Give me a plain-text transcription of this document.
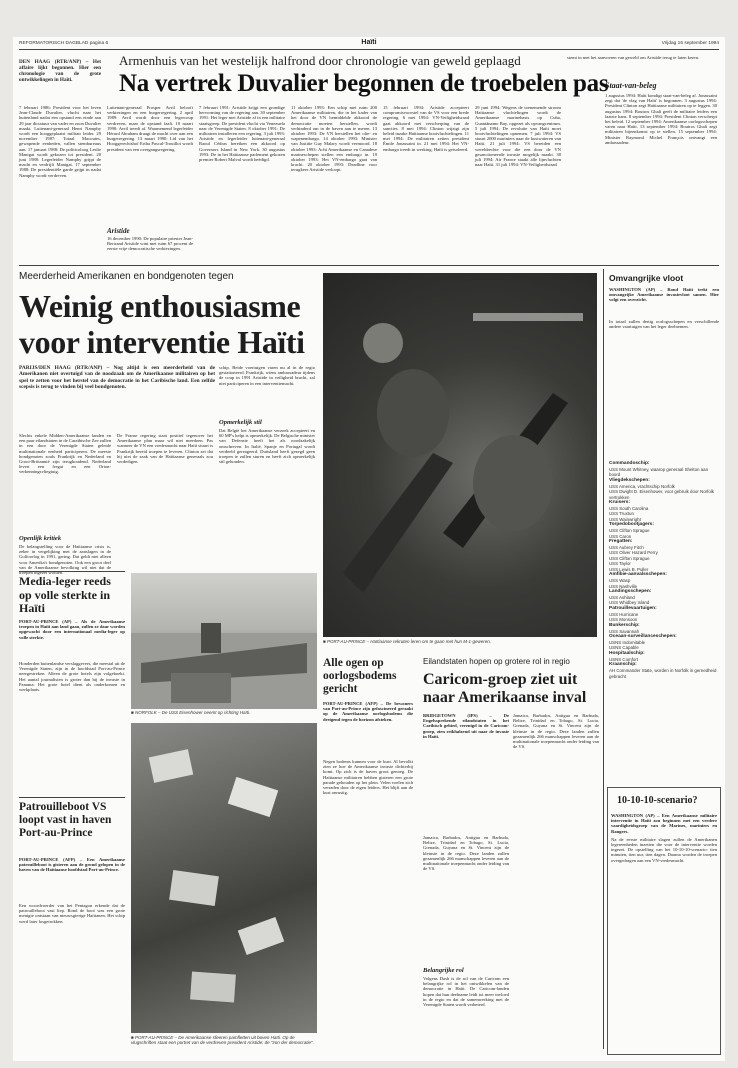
REFORMATORISCH DAGBLAD pagina 6	Haïti	Vrijdag 16 september 1994
DEN HAAG (RTR/ANP) – Het affaire lijkt begonnen. Hier een chronologie van de grote ontwikkelingen in Haïti.
7 februari 1986: President voor het leven Jean-Claude Duvalier, vlucht naar het buitenland nadat een opstand een einde aan 29 jaar dictatuur van vader en zoon Duvalier maakt. Luitenant-generaal Henri Namphy wordt een hooggeplaatst militair leider. 29 november 1987: Totaal Macoutes, gewapende eenheden, vallen stembureaus aan. 17 januari 1988: De politicoloog Leslie Manigat wordt gekozen tot president. 20 juni 1988: Legerleider Namphy grijpt de macht en verdrijft Manigat. 17 september 1988: De presidentiële garde grijpt in nadat Namphy wordt verdreven.
Armenhuis van het westelijk halfrond door chronologie van geweld geplaagd
Na vertrek Duvalier begonnen de troebelen pas
Luitenant-generaal Prosper Avril belooft verkiezingen en een burgerregering. 2 april 1989: Avril wordt door een legercoup verdreven, maar de opstand faalt. 10 maart 1990: Avril treedt af. Waarnemend legerleider Hérard Abraham draagt de macht over aan een burgerregering. 13 maart 1990: Lid van het Hooggerechtshof Ertha Pascal-Trouillot wordt president van een overgangsregering.
Aristide
16 december 1990: De populaire priester Jean-Bertrand Aristide wint met ruim 67 procent de eerste vrije democratische verkiezingen.
7 februari 1991: Aristide krijgt een grondige hervorming van de regering aan. 30 september 1991: Het leger met Aristide af in een militaire staatsgreep. De president vlucht via Venezuela naar de Verenigde Staten. 8 oktober 1991: De militairen installeren een regering. 3 juli 1993: Aristide en legerleider luitenant-generaal Raoul Cédras bereiken een akkoord op Governors Island in New York. 30 augustus 1993: De in het Haïtiaanse parlement gekozen premier Robert Malval wordt beëdigd.
11 oktober 1993: Een schip met ruim 200 Amerikaanse militairen, die in het kader van het door de VN bemiddelde akkoord de democratie moeten herstellen, wordt verhinderd om in de haven aan te meren. 13 oktober 1993: De VN herstellen het olie- en wapenembargo. 14 oktober 1993: Minister van Justitie Guy Malary wordt vermoord. 18 oktober 1993: Acht Amerikaanse en Canadese marineschepen stellen een embargo in. 19 oktober 1993: Het VN-embargo gaat van kracht. 20 oktober 1993: Deadline voor terugkeer Aristide verloopt.
15 februari 1994: Aristide accepteert compromisvoorstel van de VS voor een brede regering. 6 mei 1994: VN-Veiligheidsraad gaat akkoord met verscherping van de sancties. 8 mei 1994: Clinton wijzigt zijn beleid inzake Haïtiaanse bootvluchtelingen. 11 mei 1994: De militairen zetten president Émile Jonassaint in. 21 mei 1994: Het VN-embargo treedt in werking, Haïti is geïsoleerd.
29 juni 1994: Wegens de toenemende stroom Haïtiaanse vluchtelingen wordt de Amerikaanse marinebasis op Cuba, Guantánamo Bay, opgezet als opvangcentrum. 5 juli 1994: De revolutie van Haïti moet bootvluchtelingen opnemen. 7 juli 1994: VS stuurt 2000 mariniers naar de kustwateren van Haïti. 21 juli 1994: VS bereiden een wereldrechte voor die een door de VN gesanctioneerde invasie mogelijk maakt. 30 juli 1994: Air France staakt alle lijnvluchten naar Haïti. 31 juli 1994: VN-Veiligheidsraad
stemt in met het aanvoeren van geweld om Aristide terug te laten keren.
Staat-van-beleg
1 augustus 1994: Haïti kondigt staat-van-beleg af. Jonassaint zegt dat 'de vlag van Haïti' is begonnen. 3 augustus 1994: President Clinton zegt Haïtiaanse militairen op te leggen. 30 augustus 1994: Boutros Ghali geeft de militaire leiders een laatste kans. 8 september 1994: President Clinton verscherpt het beleid. 12 september 1994: Amerikaanse oorlogsschepen varen naar Haïti. 13 september 1994: Boutros Ghali zegt militairen bijeenkomst op te stellen. 15 september 1994: Minister Raymond Michel François ontvangt een ambassadeur.
Meerderheid Amerikanen en bondgenoten tegen
Weinig enthousiasme
voor interventie Haïti
PARIJS/DEN HAAG (RTR/ANP) – Nog altijd is een meerderheid van de Amerikanen niet overtuigd van de noodzaak om de Amerikaanse militairen op het spel te zetten voor het herstel van de democratie in het Caribische land. Een zelfde scepsis is terug te vinden bij veel bondgenoten.
Slechts enkele Midden-Amerikaanse landen en een paar eilandstaten in de Caraïbische Zee zullen in een door de Verenigde Staten geleide multinationale eenheid participeren. De meeste bondgenoten zoals Frankrijk en Nederland en Groot-Brittannië zijn terughoudend. Nederland levert een fregat en een Orion-verkenningsvliegtuig.
Openlijk kritiek
De belangstelling voor de Haïtiaanse crisis is, zeker in vergelijking met de aanslagen in de Golfoorlog in 1991, gering. Dat geldt niet alleen voor Amerika's bondgenoten. Ook een groot deel van de Amerikaanse bevolking wil niet dat de troepen ingezet worden.
De Franse regering staat positief tegenover het Amerikaanse plan maar wil niet meedoen. Pas wanneer de VN een vredesmacht naar Haïti stuurt is Frankrijk bereid troepen te leveren. Clinton zei dat hij niet de zaak van de Haïtiaanse generaals zou verdedigen.
schip. Beide voertuigen varen nu al in de regio gestationeerd. Frankrijk, wiens ambassadeur tijdens de coup in 1991 Aristide in veiligheid bracht, zal niet participeren in een interventiemacht.
Opmerkelijk stil
Dat België het Amerikaanse verzoek accepteert en 60 MP's helpt is opmerkelijk. De Belgische minister van Defensie heeft het als noodzakelijk omschreven. In Italië, Spanje en Portugal wordt verdeeld gereageerd. Duitsland heeft gezegd geen troepen te zullen sturen en heeft zich opmerkelijk stil gehouden.
■ PORT-AU-PRINCE – Haïtiaanse rekruten leren om te gaan met hun M-1-geweren.
Omvangrijke vloot
WASHINGTON (AP) – Rond Haïti trekt een omvangrijke Amerikaanse invasievloot samen. Hier volgt een overzicht.
In totaal zullen dertig oorlogsschepen en verschillende andere vaartuigen van het leger deelnemen.
Commandoschip:
USS Mount Whitney, waarop generaal Shelton aan boord
Vliegdekschepen:
USS America, vrachtschip Norfolk
USS Dwight D. Eisenhower, voor gebruik door Norfolk vertrokken
Kruisers:
USS South Carolina
USS Truxtun
USS Wainwright
Torpedobootjagers:
USS Clifton Sprague
USS Caron
Fregatten:
USS Aubrey Fitch
USS Oliver Hazard Perry
USS Clifton Sprague
USS Taylor
USS Lewis B. Puller
Amfibie-aanvalsschepen:
USS Wasp
USS Nashville
Landingsschepen:
USS Ashland
USS Whidbey Island
Patrouillevaartuigen:
USS Hurricane
USS Monsoon
Bunkerschip:
USS Savannah
Oceaan-surveillanceschepen:
USNS Indomitable
USNS Capable
Hospitaalschip:
USNS Comfort
Kraanschip:
AH Commander State, worden in Norfolk in gereedheid gebracht
10-10-10-scenario?
WASHINGTON (AP) – Een Amerikaanse militaire interventie in Haïti zou beginnen met een verdere vaardigheidsgroep van de Marines, mariniers en Rangers.
Na de eerste militaire slagen zullen de Amerikanen legereenheden inzetten die voor de interventie worden ingezet. De opstelling van het 10-10-10-scenario: tien minuten, tien uur, tien dagen. Daarna worden de troepen overgedragen aan een VN-vredesmacht.
Media-leger reeds op volle sterkte in Haïti
PORT-AU-PRINCE (AP) – Als de Amerikaanse troepen in Haïti aan land gaan, zullen ze daar worden opgewacht door een internationaal media-leger op volle sterkte.
Honderden buitenlandse verslaggevers, die meestal uit de Verenigde Staten, zijn in de hoofdstad Port-au-Prince neergestreken. Alleen de grote hotels zijn volgeboekt. Het aantal journalisten is groter dan bij de invasie in Panama. Het grote hotel dient als onderkomen en werkplaats.
■ NORFOLK – De USS Eisenhower neemt op richting Haïti.
Patrouilleboot VS loopt vast in haven Port-au-Prince
PORT-AU-PRINCE (AFP) – Een Amerikaanse patrouilleboot is gisteren aan de grond gelopen in de haven van de Haïtiaanse hoofdstad Port-au-Prince.
Een woordvoerder van het Pentagon erkende dat de patrouilleboot vast liep. Rond de boot was een grote menigte ontstaan van nieuwsgierige Haïtianen. Het schip werd later losgetrokken.
■ PORT-AU-PRINCE – De Amerikaanse sfeeren pamfletten uit boven Haïti. Op de vlugschriften staat een portret van de verdreven president Aristide: de "zon der democratie".
Alle ogen op oorlogsbodems gericht
PORT-AU-PRINCE (AFP) – De bewoners van Port-au-Prince zijn gefascineerd geraakt op de Amerikaanse oorlogsbodems die dreigend tegen de horizon afsteken.
Negen bodems kunnen voor de kust. Al bevolkt zien ze hoe de Amerikaanse invasie dichterbij komt. Op zich is de haven groot genoeg. De Haïtiaanse militairen hebben gisteren een grote parade gehouden op het plein. Velen voelen zich verraden door de eigen leiders. Het blijft aan de kust onrustig.
Eilandstaten hopen op grotere rol in regio
Caricom-groep ziet uit naar Amerikaanse inval
BRIDGETOWN (IPS) – De Engelssprekende eilandstaten in het Caribisch gebied, verenigd in de Caricom-groep, zien reikhalzend uit naar de invasie in Haïti.
Jamaica, Barbados, Antigua en Barbuda, Belize, Trinidad en Tobago, St. Lucia, Grenada, Guyana en St. Vincent zijn de kleinste in de regio. Deze landen zullen gezamenlijk 266 manschappen leveren aan de multinationale troepenmacht onder leiding van de VS.
Belangrijke rol
Volgens Dash is de rol van de Caricom een belangrijke rol in het ontwikkelen van de democratie in Haïti. De Caricom-landen hopen dat hun deelname leidt tot meer invloed in de regio en dat de samenwerking met de Verenigde Staten wordt verbeterd.
Jamaica, Barbados, Antigua en Barbuda, Belize, Trinidad en Tobago, St. Lucia, Grenada, Guyana en St. Vincent zijn de kleinste in de regio. Deze landen zullen gezamenlijk 266 manschappen leveren aan de multinationale troepenmacht onder leiding van de VS.
